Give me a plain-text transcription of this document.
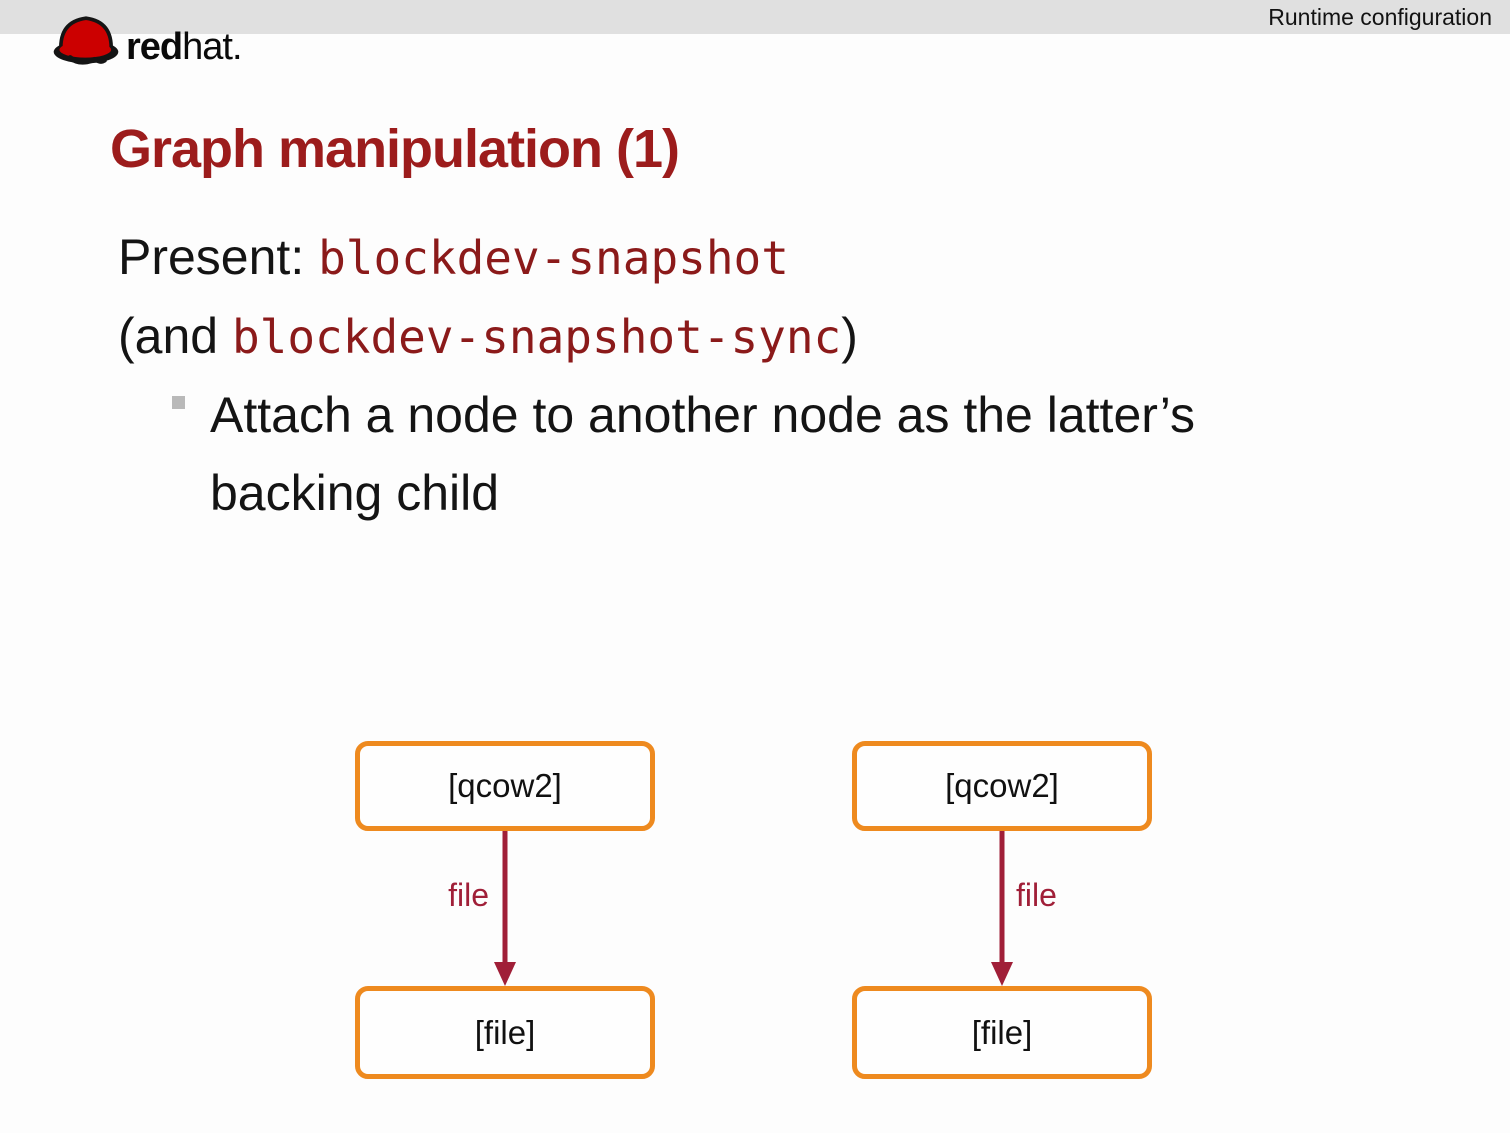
Runtime configuration
redhat.
Graph manipulation (1)
Present: blockdev-snapshot
(and blockdev-snapshot-sync)
Attach a node to another node as the latter’s
backing child
[qcow2]
file
[file]
[qcow2]
file
[file]
